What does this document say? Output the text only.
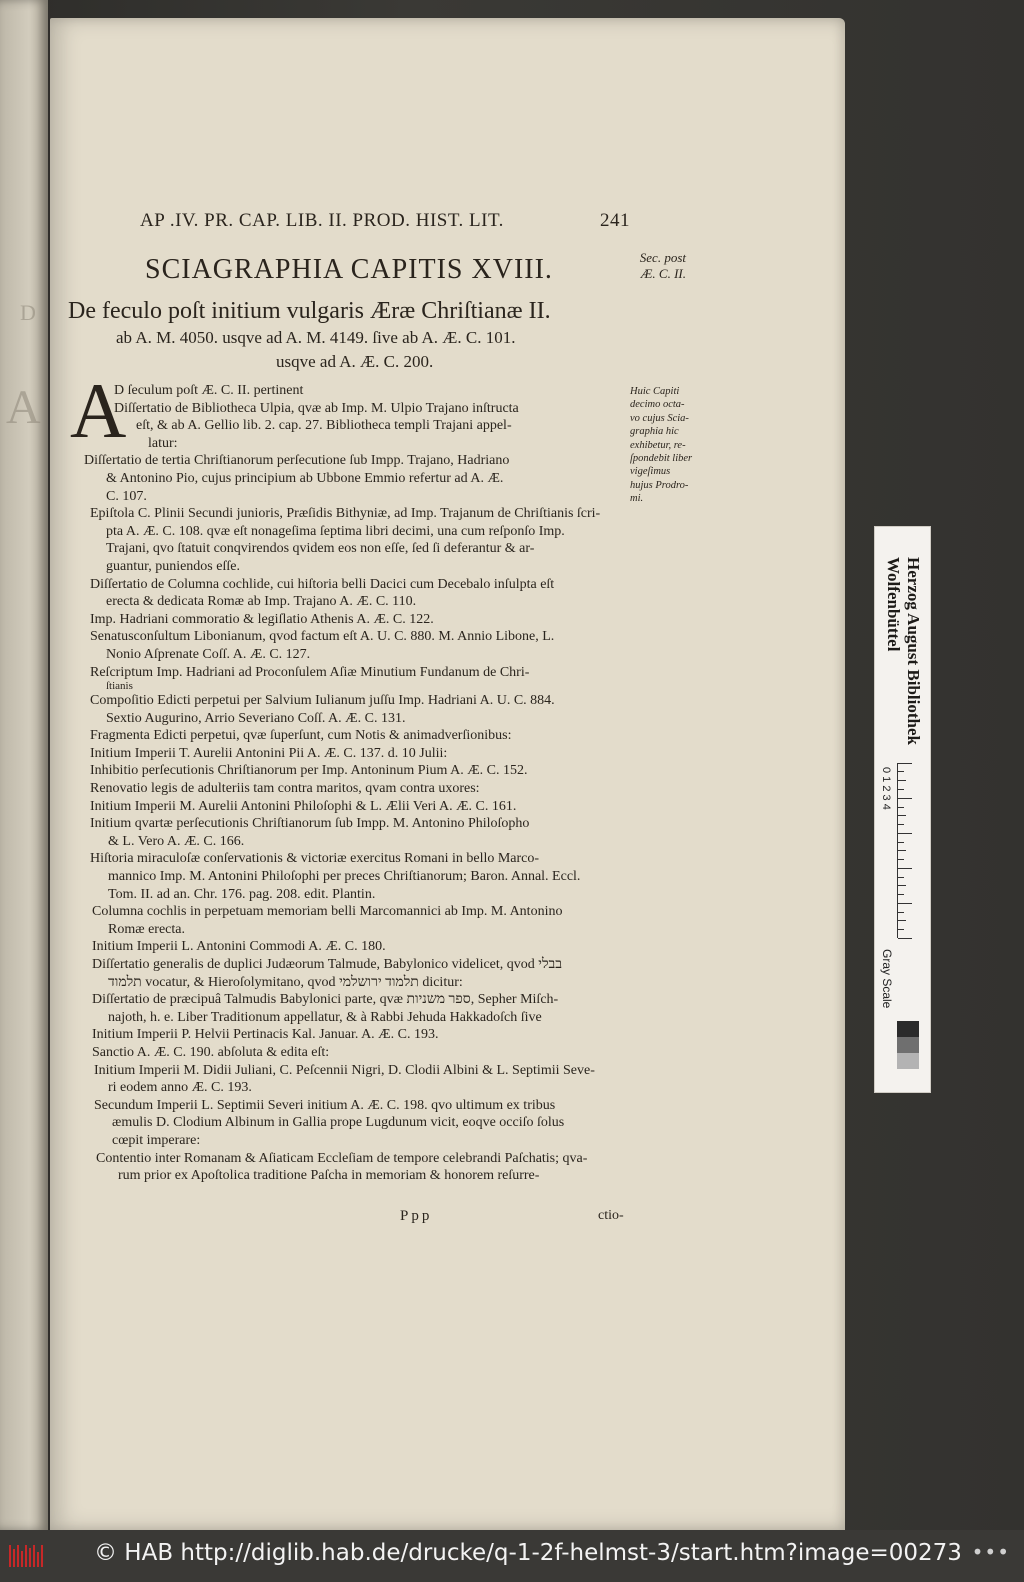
D
A
AP .IV. PR. CAP. LIB. II. PROD. HIST. LIT.	241
SCIAGRAPHIA CAPITIS XVIII.	Sec. post
Æ. C. II.
De feculo poſt initium vulgaris Æræ Chriſtianæ II.
ab A. M. 4050. usqve ad A. M. 4149. ſive ab A. Æ. C. 101.
usqve ad A. Æ. C. 200.
A	Huic Capiti
decimo octa-
vo cujus Scia-
graphia hic
exhibetur, re-
ſpondebit liber
vigeſimus
hujus Prodro-
mi.
D ſeculum poſt Æ. C. II. pertinent
Diſſertatio de Bibliotheca Ulpia, qvæ ab Imp. M. Ulpio Trajano inſtructa
eſt, & ab A. Gellio lib. 2. cap. 27. Bibliotheca templi Trajani appel-
latur:
Diſſertatio de tertia Chriſtianorum perſecutione ſub Impp. Trajano, Hadriano
& Antonino Pio, cujus principium ab Ubbone Emmio refertur ad A. Æ.
C. 107.
Epiſtola C. Plinii Secundi junioris, Præſidis Bithyniæ, ad Imp. Trajanum de Chriſtianis ſcri-
pta A. Æ. C. 108. qvæ eſt nonageſima ſeptima libri decimi, una cum reſponſo Imp.
Trajani, qvo ſtatuit conqvirendos qvidem eos non eſſe, ſed ſi deferantur & ar-
guantur, puniendos eſſe.
Diſſertatio de Columna cochlide, cui hiſtoria belli Dacici cum Decebalo inſulpta eſt
erecta & dedicata Romæ ab Imp. Trajano A. Æ. C. 110.
Imp. Hadriani commoratio & legiſlatio Athenis A. Æ. C. 122.
Senatusconſultum Libonianum, qvod factum eſt A. U. C. 880. M. Annio Libone, L.
Nonio Aſprenate Coſſ. A. Æ. C. 127.
Reſcriptum Imp. Hadriani ad Proconſulem Aſiæ Minutium Fundanum de Chri-
ſtianis
Compoſitio Edicti perpetui per Salvium Iulianum juſſu Imp. Hadriani A. U. C. 884.
Sextio Augurino, Arrio Severiano Coſſ. A. Æ. C. 131.
Fragmenta Edicti perpetui, qvæ ſuperſunt, cum Notis & animadverſionibus:
Initium Imperii T. Aurelii Antonini Pii A. Æ. C. 137. d. 10 Julii:
Inhibitio perſecutionis Chriſtianorum per Imp. Antoninum Pium A. Æ. C. 152.
Renovatio legis de adulteriis tam contra maritos, qvam contra uxores:
Initium Imperii M. Aurelii Antonini Philoſophi & L. Ælii Veri A. Æ. C. 161.
Initium qvartæ perſecutionis Chriſtianorum ſub Impp. M. Antonino Philoſopho
& L. Vero A. Æ. C. 166.
Hiſtoria miraculoſæ conſervationis & victoriæ exercitus Romani in bello Marco-
mannico Imp. M. Antonini Philoſophi per preces Chriſtianorum; Baron. Annal. Eccl.
Tom. II. ad an. Chr. 176. pag. 208. edit. Plantin.
Columna cochlis in perpetuam memoriam belli Marcomannici ab Imp. M. Antonino
Romæ erecta.
Initium Imperii L. Antonini Commodi A. Æ. C. 180.
Diſſertatio generalis de duplici Judæorum Talmude, Babylonico videlicet, qvod בבלי
תלמוד vocatur, & Hieroſolymitano, qvod תלמוד ירושלמי dicitur:
Diſſertatio de præcipuâ Talmudis Babylonici parte, qvæ ספר משניות, Sepher Miſch-
najoth, h. e. Liber Traditionum appellatur, & à Rabbi Jehuda Hakkadoſch ſive
Initium Imperii P. Helvii Pertinacis Kal. Januar. A. Æ. C. 193.
Sanctio A. Æ. C. 190. abſoluta & edita eſt:
Initium Imperii M. Didii Juliani, C. Peſcennii Nigri, D. Clodii Albini & L. Septimii Seve-
ri eodem anno Æ. C. 193.
Secundum Imperii L. Septimii Severi initium A. Æ. C. 198. qvo ultimum ex tribus
æmulis D. Clodium Albinum in Gallia prope Lugdunum vicit, eoqve occiſo ſolus
cœpit imperare:
Contentio inter Romanam & Aſiaticam Eccleſiam de tempore celebrandi Paſchatis; qva-
rum prior ex Apoſtolica traditione Paſcha in memoriam & honorem reſurre-
Ppp	ctio-
Herzog August Bibliothek
Wolfenbüttel
0 1 2 3 4
Gray Scale
© HAB http://diglib.hab.de/drucke/q-1-2f-helmst-3/start.htm?image=00273 •••
